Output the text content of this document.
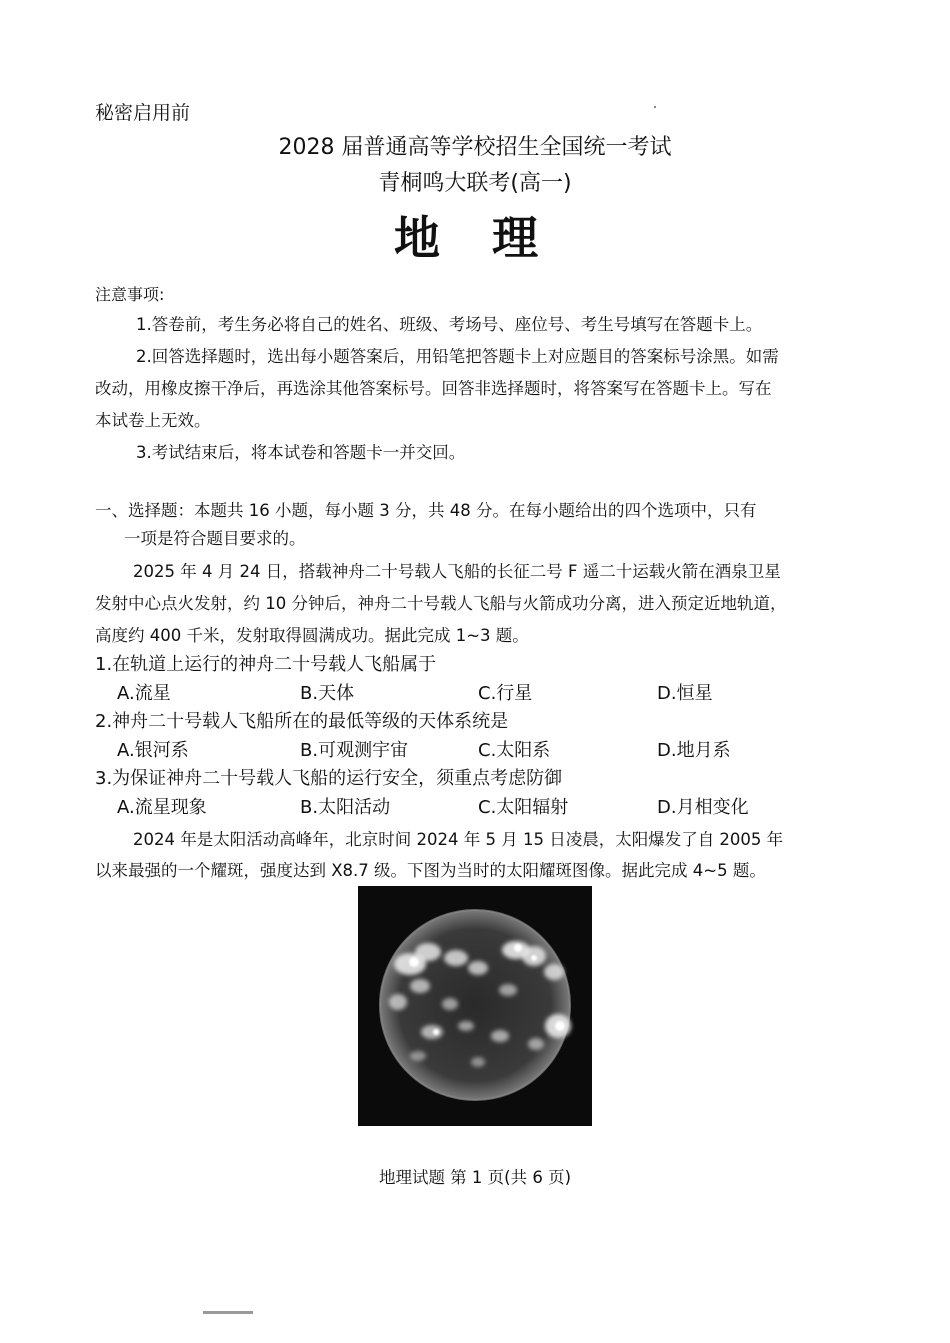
秘密启用前
2028 届普通高等学校招生全国统一考试
青桐鸣大联考(高一)
地 理
注意事项:
1.答卷前，考生务必将自己的姓名、班级、考场号、座位号、考生号填写在答题卡上。
2.回答选择题时，选出每小题答案后，用铅笔把答题卡上对应题目的答案标号涂黑。如需
改动，用橡皮擦干净后，再选涂其他答案标号。回答非选择题时，将答案写在答题卡上。写在
本试卷上无效。
3.考试结束后，将本试卷和答题卡一并交回。
一、选择题：本题共 16 小题，每小题 3 分，共 48 分。在每小题给出的四个选项中，只有
一项是符合题目要求的。
2025 年 4 月 24 日，搭载神舟二十号载人飞船的长征二号 F 遥二十运载火箭在酒泉卫星
发射中心点火发射，约 10 分钟后，神舟二十号载人飞船与火箭成功分离，进入预定近地轨道，
高度约 400 千米，发射取得圆满成功。据此完成 1~3 题。
1.在轨道上运行的神舟二十号载人飞船属于
A.流星	B.天体	C.行星	D.恒星
2.神舟二十号载人飞船所在的最低等级的天体系统是
A.银河系	B.可观测宇宙	C.太阳系	D.地月系
3.为保证神舟二十号载人飞船的运行安全，须重点考虑防御
A.流星现象	B.太阳活动	C.太阳辐射	D.月相变化
2024 年是太阳活动高峰年，北京时间 2024 年 5 月 15 日凌晨，太阳爆发了自 2005 年
以来最强的一个耀斑，强度达到 X8.7 级。下图为当时的太阳耀斑图像。据此完成 4~5 题。
地理试题 第 1 页(共 6 页)
